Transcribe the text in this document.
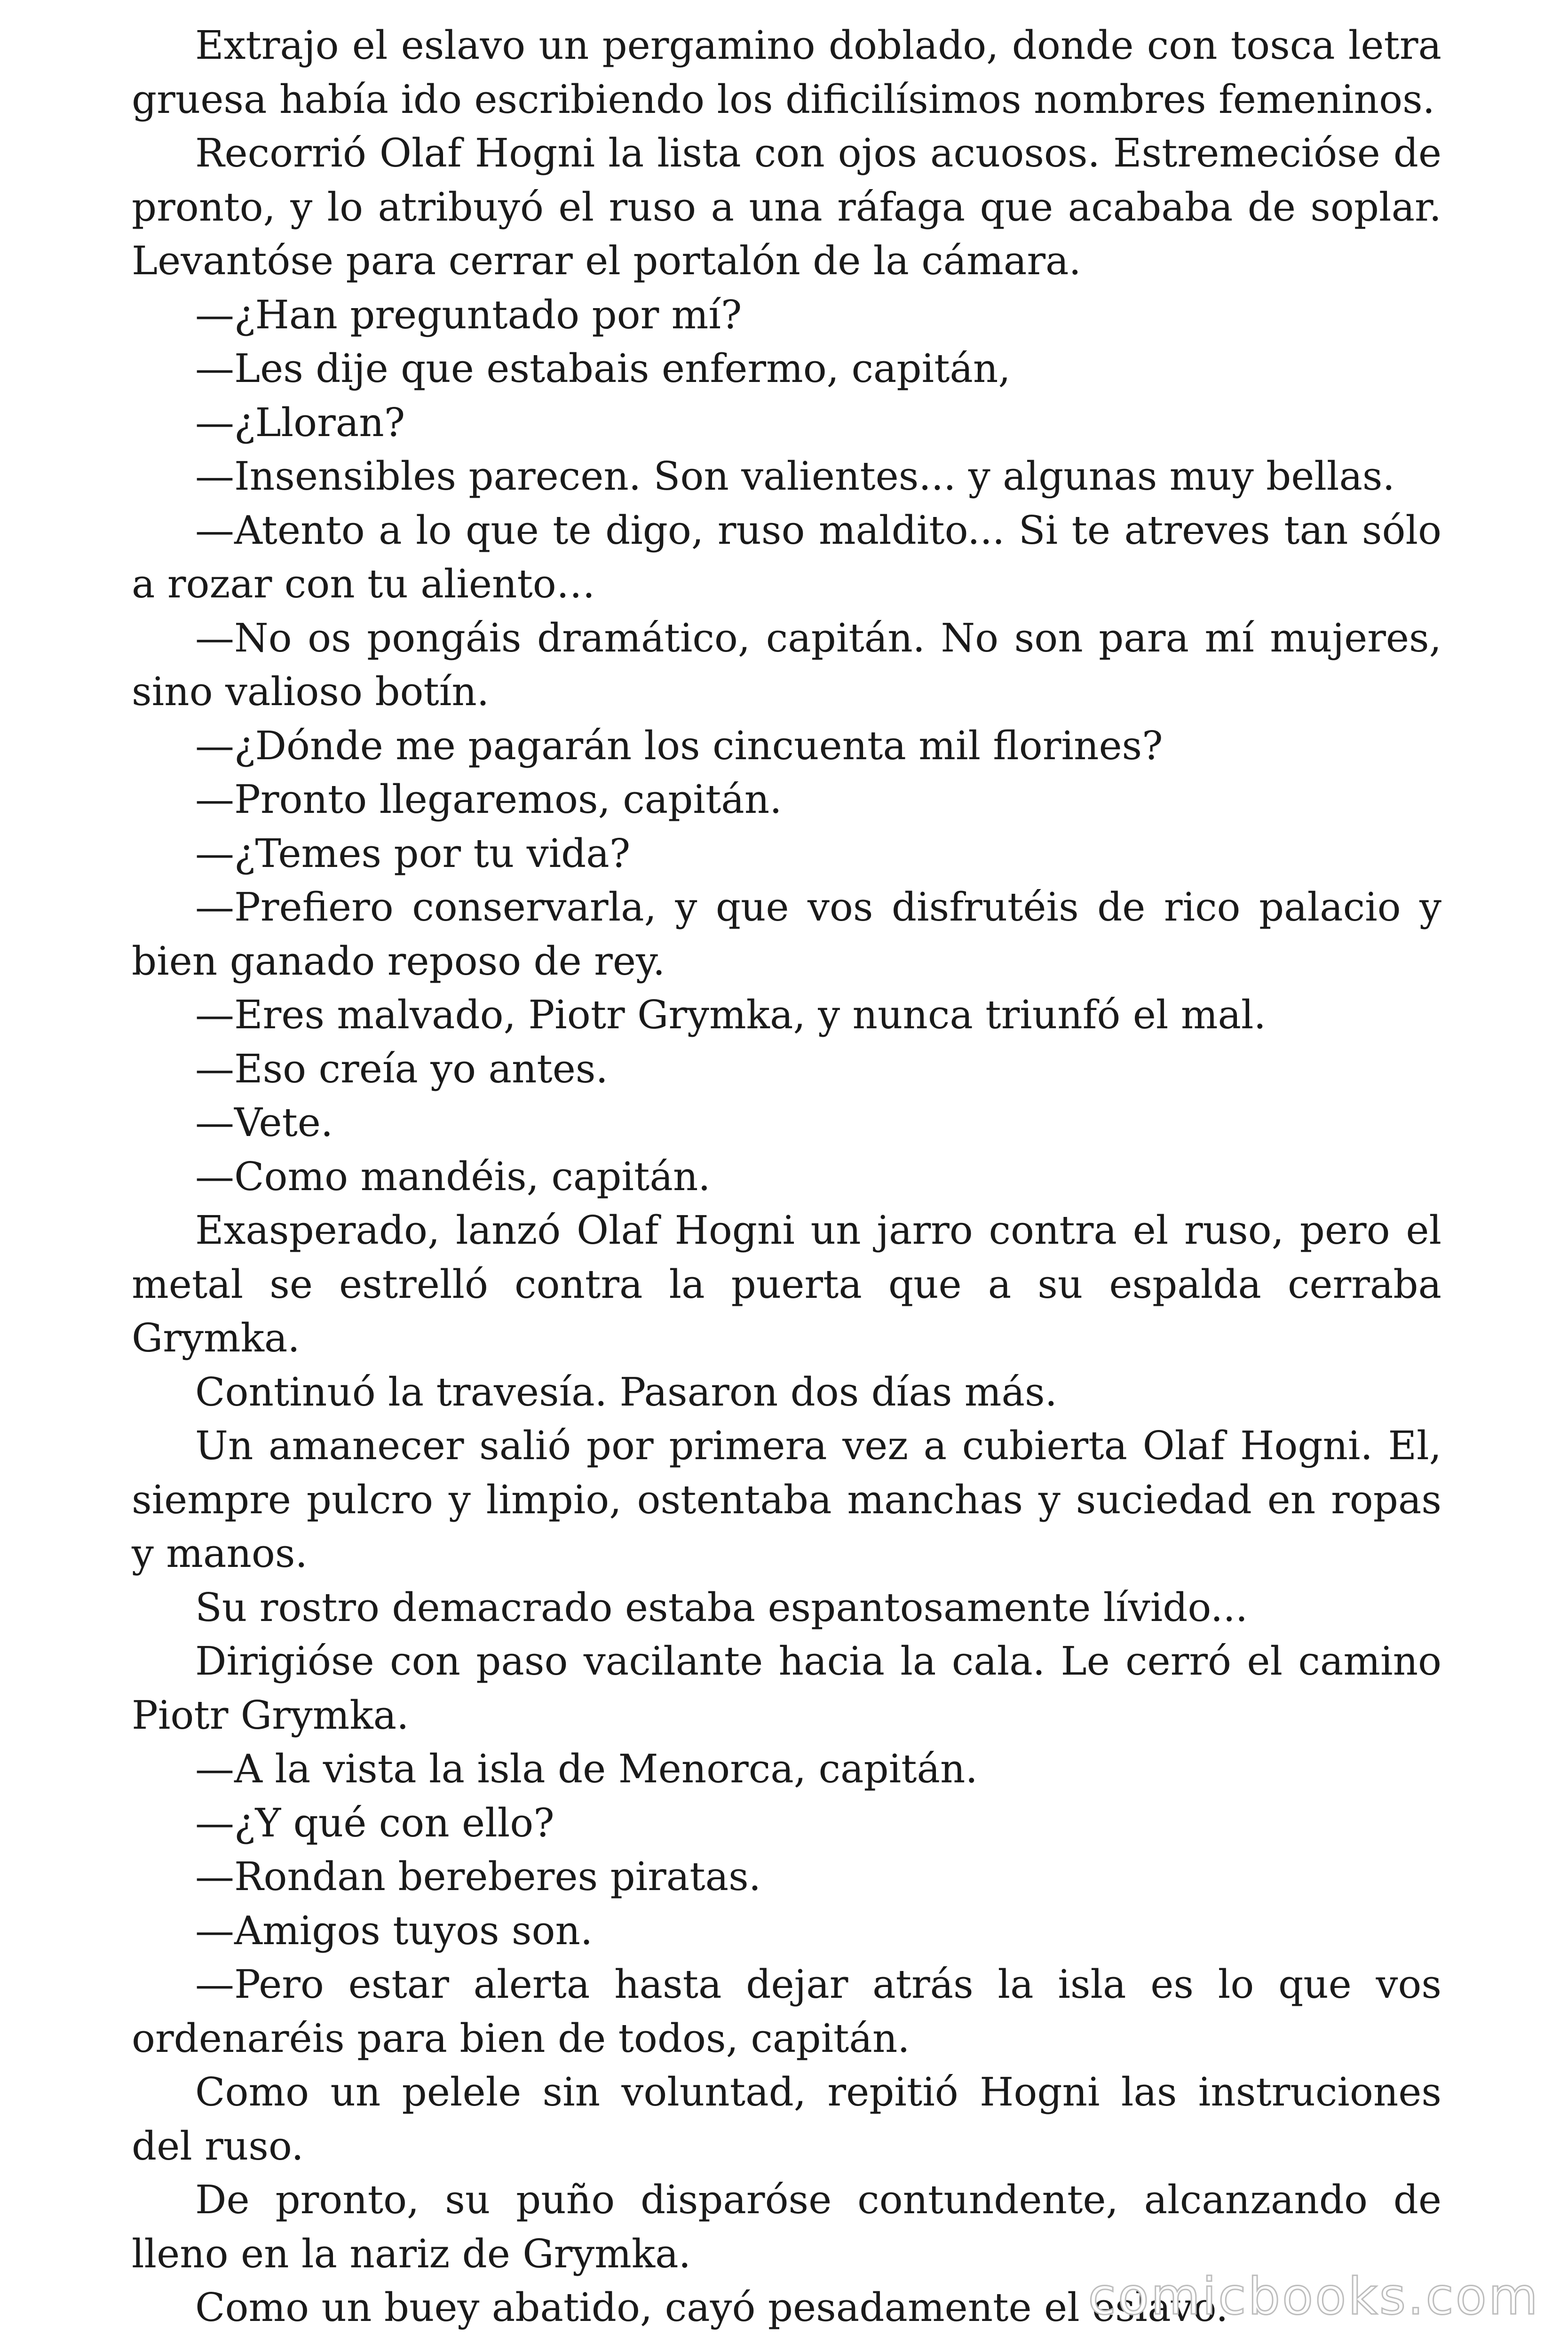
Extrajo el eslavo un pergamino doblado, donde con tosca letra gruesa había ido escribiendo los dificilísimos nombres femeninos.

Recorrió Olaf Hogni la lista con ojos acuosos. Estremecióse de pronto, y lo atribuyó el ruso a una ráfaga que acababa de soplar. Levantóse para cerrar el portalón de la cámara.

—¿Han preguntado por mí?

—Les dije que estabais enfermo, capitán,

—¿Lloran?

—Insensibles parecen. Son valientes... y algunas muy bellas.

—Atento a lo que te digo, ruso maldito... Si te atreves tan sólo a rozar con tu aliento…

—No os pongáis dramático, capitán. No son para mí mujeres, sino valioso botín.

—¿Dónde me pagarán los cincuenta mil florines?

—Pronto llegaremos, capitán.

—¿Temes por tu vida?

—Prefiero conservarla, y que vos disfrutéis de rico palacio y bien ganado reposo de rey.

—Eres malvado, Piotr Grymka, y nunca triunfó el mal.

—Eso creía yo antes.

—Vete.

—Como mandéis, capitán.

Exasperado, lanzó Olaf Hogni un jarro contra el ruso, pero el metal se estrelló contra la puerta que a su espalda cerraba Grymka.

Continuó la travesía. Pasaron dos días más.

Un amanecer salió por primera vez a cubierta Olaf Hogni. El, siempre pulcro y limpio, ostentaba manchas y suciedad en ropas y manos.

Su rostro demacrado estaba espantosamente lívido...

Dirigióse con paso vacilante hacia la cala. Le cerró el camino Piotr Grymka.

—A la vista la isla de Menorca, capitán.

—¿Y qué con ello?

—Rondan bereberes piratas.

—Amigos tuyos son.

—Pero estar alerta hasta dejar atrás la isla es lo que vos ordenaréis para bien de todos, capitán.

Como un pelele sin voluntad, repitió Hogni las instruciones del ruso.

De pronto, su puño disparóse contundente, alcanzando de lleno en la nariz de Grymka.

Como un buey abatido, cayó pesadamente el eslavo.

comicbooks.com
